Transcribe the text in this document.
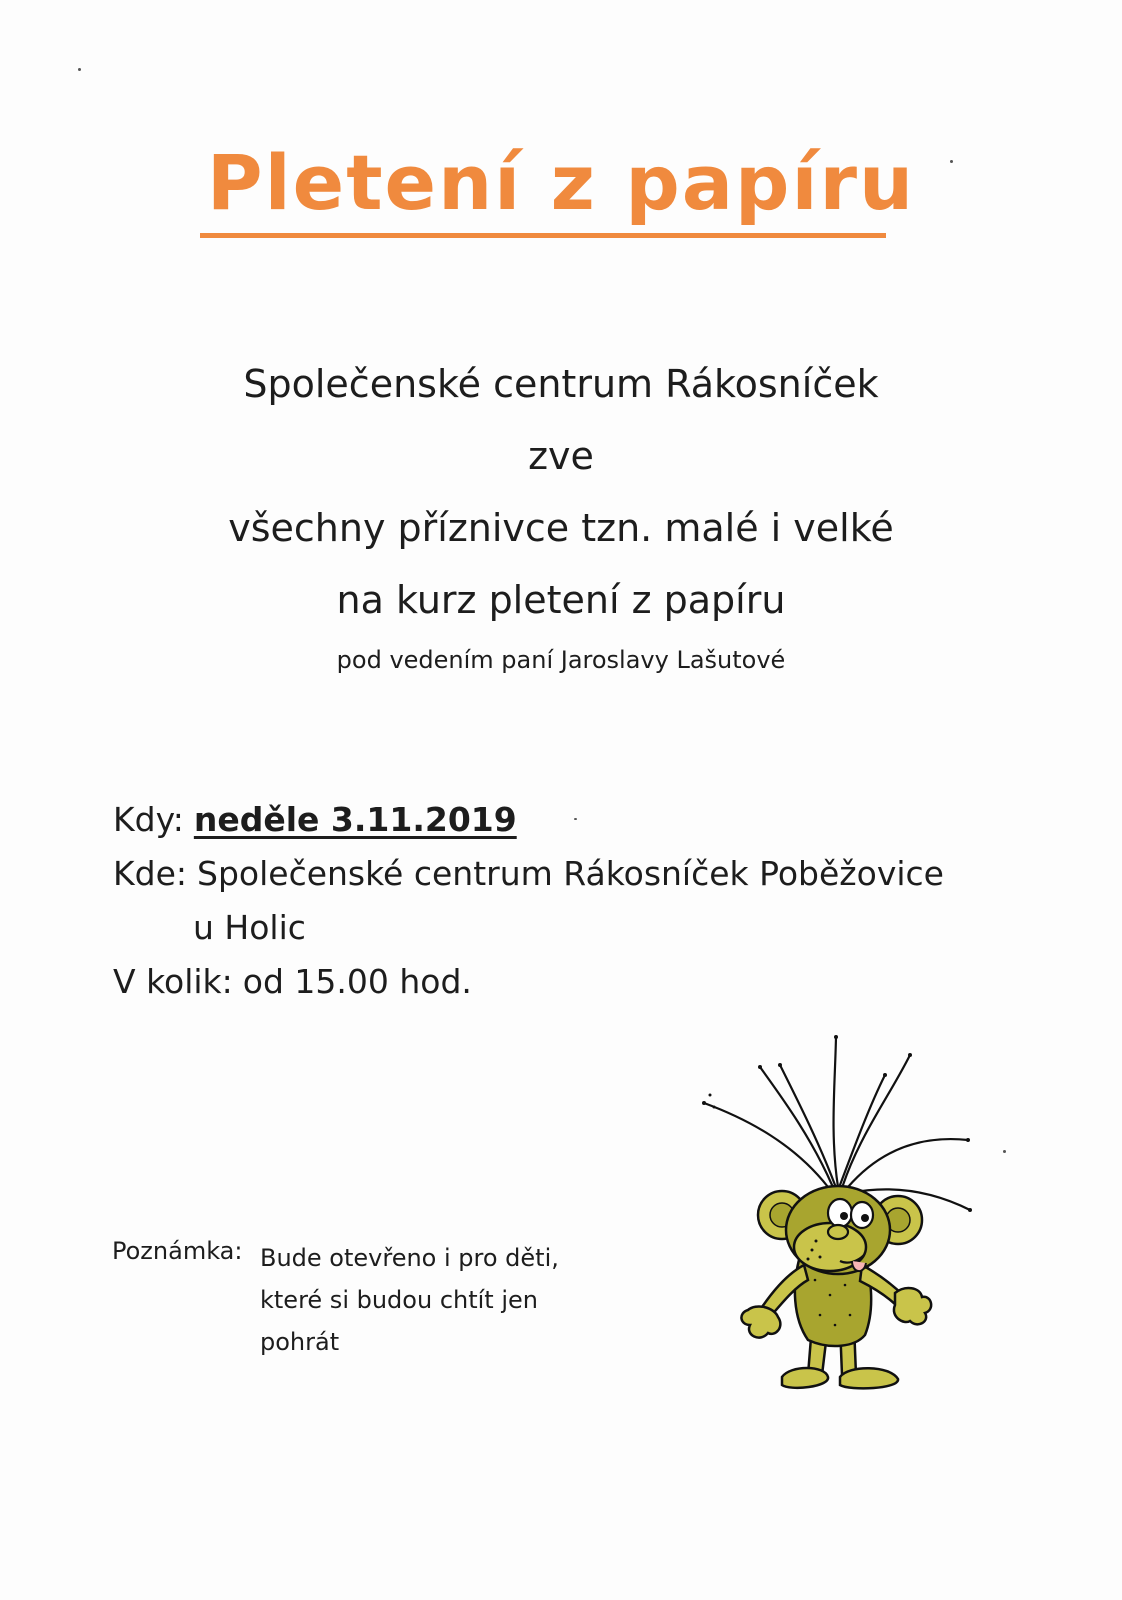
Pletení z papíru

Společenské centrum Rákosníček

zve

všechny příznivce tzn. malé i velké

na kurz pletení z papíru

pod vedením paní Jaroslavy Lašutové

Kdy: neděle 3.11.2019

Kde: Společenské centrum Rákosníček Poběžovice

u Holic

V kolik: od 15.00 hod.

Poznámka: Bude otevřeno i pro děti,
které si budou chtít jen
pohrát
